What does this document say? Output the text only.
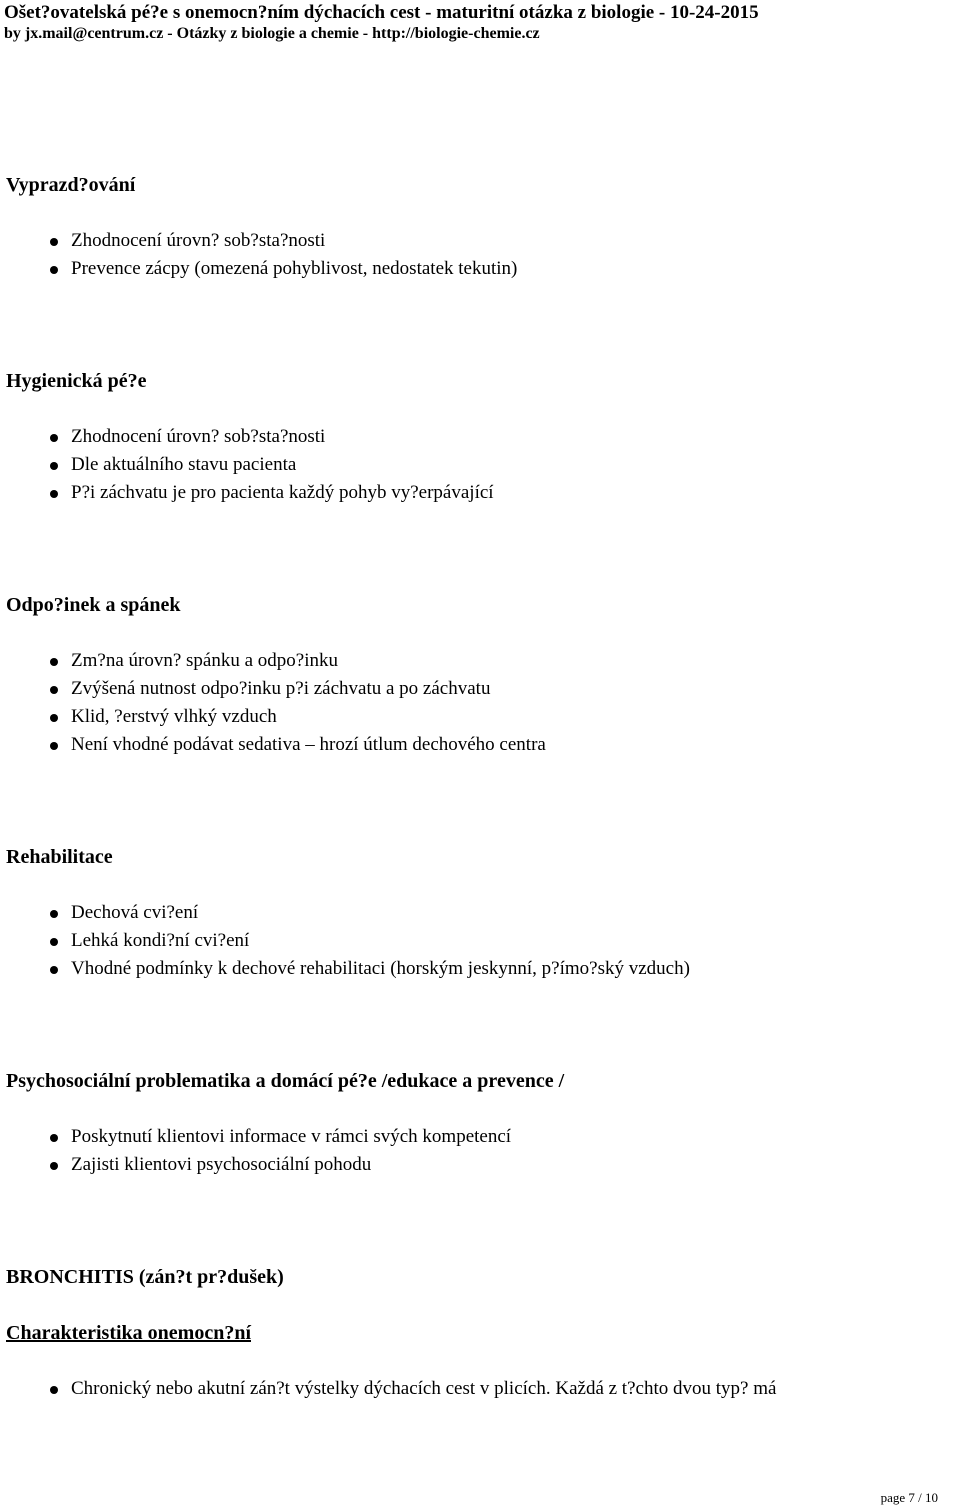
Ošet?ovatelská pé?e s onemocn?ním dýchacích cest - maturitní otázka z biologie - 10-24-2015
by jx.mail@centrum.cz - Otázky z biologie a chemie - http://biologie-chemie.cz
Vyprazd?ování
Zhodnocení úrovn? sob?sta?nosti
Prevence zácpy (omezená pohyblivost, nedostatek tekutin)
Hygienická pé?e
Zhodnocení úrovn? sob?sta?nosti
Dle aktuálního stavu pacienta
P?i záchvatu je pro pacienta každý pohyb vy?erpávající
Odpo?inek a spánek
Zm?na úrovn? spánku a odpo?inku
Zvýšená nutnost odpo?inku p?i záchvatu a po záchvatu
Klid, ?erstvý vlhký vzduch
Není vhodné podávat sedativa – hrozí útlum dechového centra
Rehabilitace
Dechová cvi?ení
Lehká kondi?ní cvi?ení
Vhodné podmínky k dechové rehabilitaci (horským jeskynní, p?ímo?ský vzduch)
Psychosociální problematika a domácí pé?e /edukace a prevence /
Poskytnutí klientovi informace v rámci svých kompetencí
Zajisti klientovi psychosociální pohodu
BRONCHITIS (zán?t pr?dušek)
Charakteristika onemocn?ní
Chronický nebo akutní zán?t výstelky dýchacích cest v plicích. Každá z t?chto dvou typ? má
page 7 / 10
